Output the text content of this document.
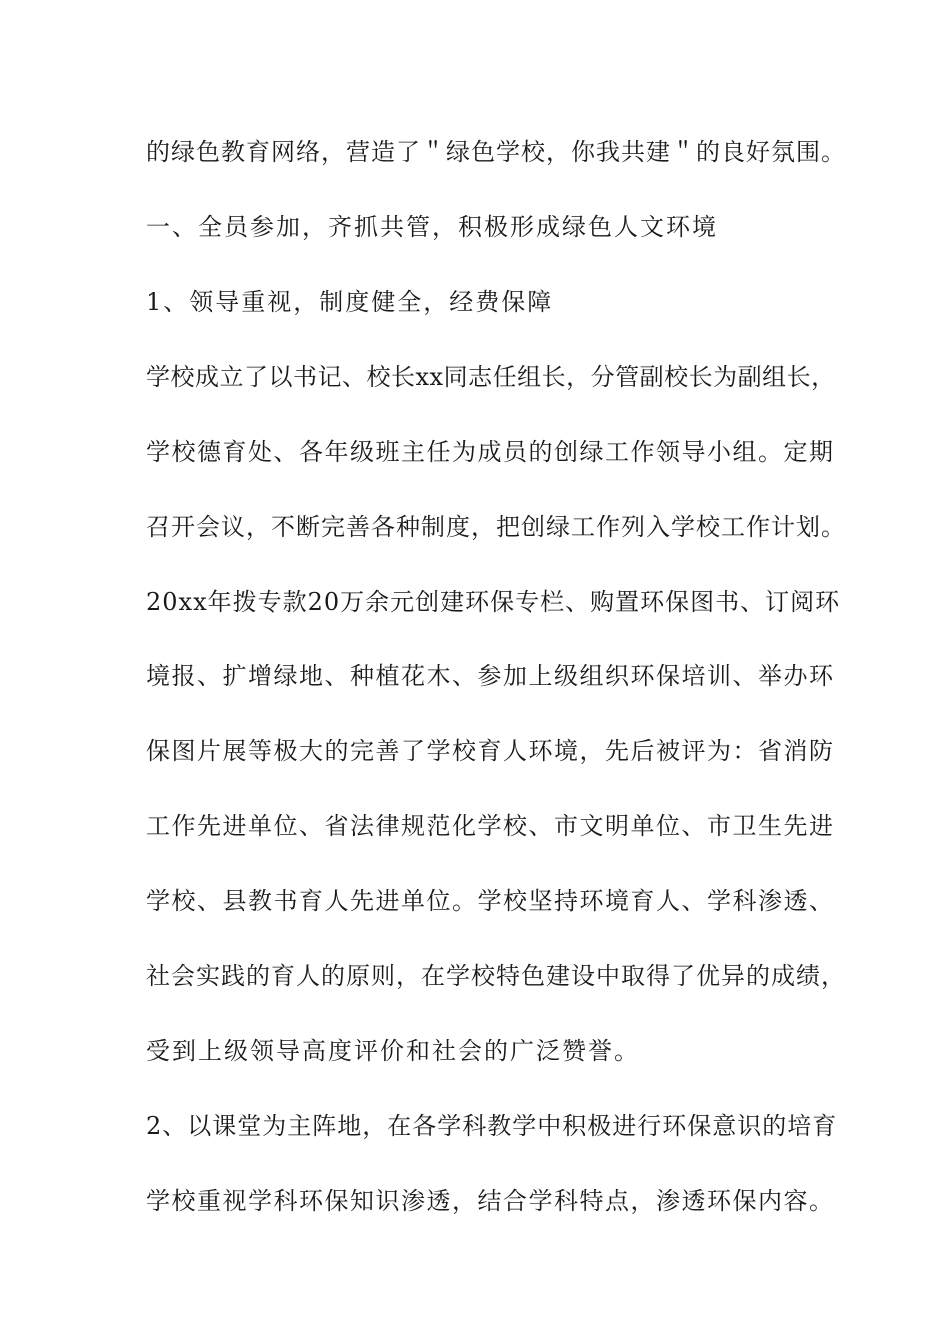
的绿色教育网络，营造了＂绿色学校，你我共建＂的良好氛围。
一、全员参加，齐抓共管，积极形成绿色人文环境
1、领导重视，制度健全，经费保障
学校成立了以书记、校长xx同志任组长，分管副校长为副组长，
学校德育处、各年级班主任为成员的创绿工作领导小组。定期
召开会议，不断完善各种制度，把创绿工作列入学校工作计划。
20xx年拨专款20万余元创建环保专栏、购置环保图书、订阅环
境报、扩增绿地、种植花木、参加上级组织环保培训、举办环
保图片展等极大的完善了学校育人环境，先后被评为：省消防
工作先进单位、省法律规范化学校、市文明单位、市卫生先进
学校、县教书育人先进单位。学校坚持环境育人、学科渗透、
社会实践的育人的原则，在学校特色建设中取得了优异的成绩，
受到上级领导高度评价和社会的广泛赞誉。
2、以课堂为主阵地，在各学科教学中积极进行环保意识的培育
学校重视学科环保知识渗透，结合学科特点，渗透环保内容。
